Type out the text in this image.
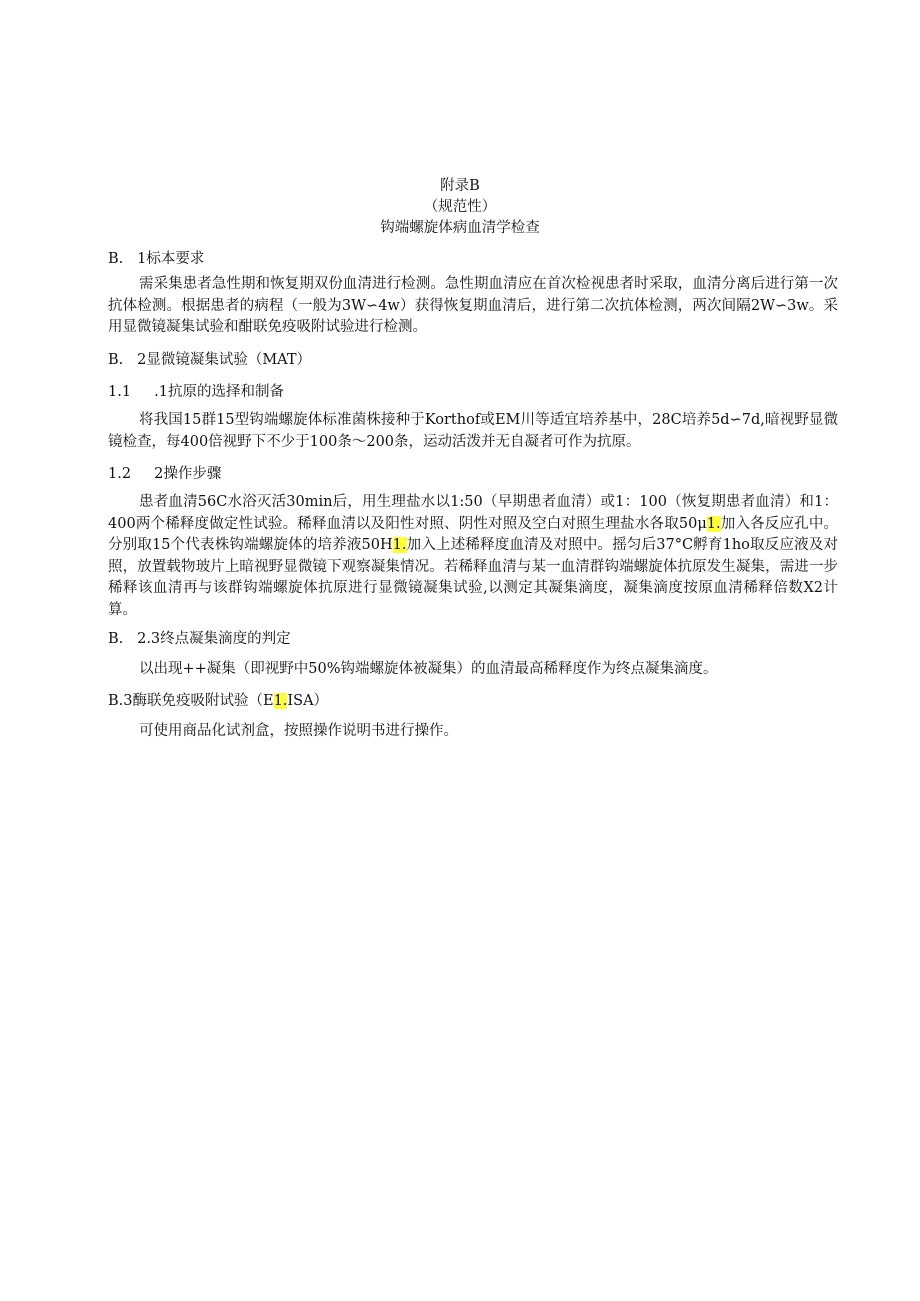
附录B
（规范性）
钩端螺旋体病血清学检查
B.   1标本要求
需采集患者急性期和恢复期双份血清进行检测。急性期血清应在首次检视患者时采取，血清分离后进行第一次抗体检测。根据患者的病程（一般为3W∽4w）获得恢复期血清后，进行第二次抗体检测，两次间隔2W∽3w。采用显微镜凝集试验和酣联免疫吸附试验进行检测。
B.   2显微镜凝集试验（MAT）
1.1     .1抗原的选择和制备
将我国15群15型钩端螺旋体标准菌株接种于Korthof或EM川等适宜培养基中，28C培养5d∽7d,暗视野显微镜检查，每400倍视野下不少于100条〜200条，运动活泼并无自凝者可作为抗原。
1.2     2操作步骤
患者血清56C水浴灭活30min后，用生理盐水以1:50（早期患者血清）或1：100（恢复期患者血清）和1：400两个稀释度做定性试验。稀释血清以及阳性对照、阴性对照及空白对照生理盐水各取50μ1.加入各反应孔中。分别取15个代表株钩端螺旋体的培养液50H1.加入上述稀释度血清及对照中。摇匀后37°C孵育1ho取反应液及对照，放置载物玻片上暗视野显微镜下观察凝集情况。若稀释血清与某一血清群钩端螺旋体抗原发生凝集，需进一步稀释该血清再与该群钩端螺旋体抗原进行显微镜凝集试验,以测定其凝集滴度，凝集滴度按原血清稀释倍数X2计算。
B.   2.3终点凝集滴度的判定
以出现++凝集（即视野中50%钩端螺旋体被凝集）的血清最高稀释度作为终点凝集滴度。
B.3酶联免疫吸附试验（E1.ISA）
可使用商品化试剂盒，按照操作说明书进行操作。
